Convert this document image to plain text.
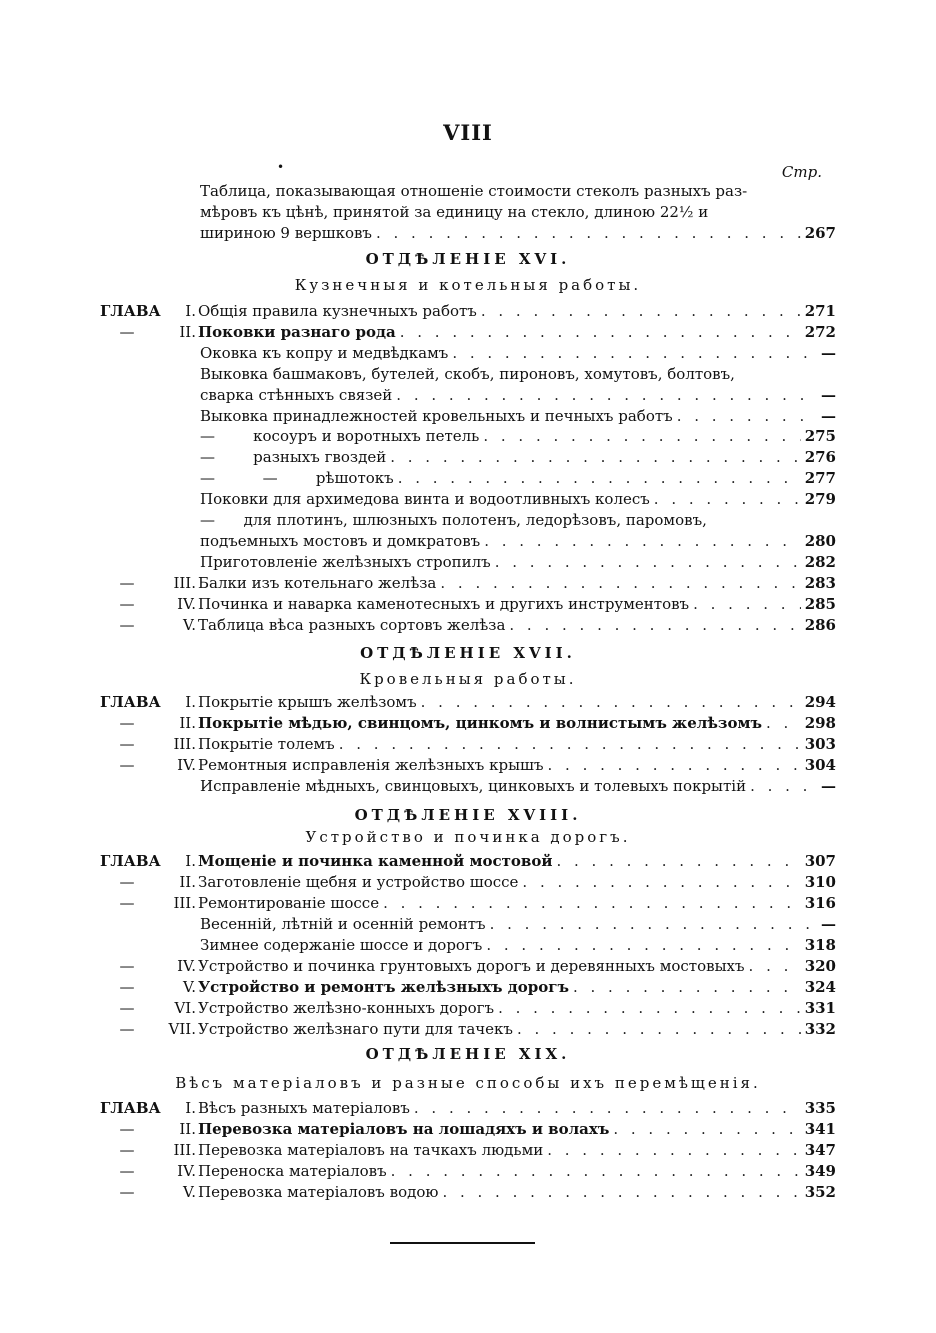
VIII
•	Стр.
Таблица, показывающая отношеніе стоимости стеколъ разныхъ раз-
мѣровъ къ цѣнѣ, принятой за единицу на стекло, длиною 22½ и
шириною 9 вершковъ . . .	267
ОТДѢЛЕНІЕ XVI.
Кузнечныя и котельныя работы.
ГЛАВА	I. Общія правила кузнечныхъ работъ . . .	271
—	II. Поковки разнаго рода . . .	272
Оковка къ копру и медвѣдкамъ . . .	—
Выковка башмаковъ, бутелей, скобъ, пироновъ, хомутовъ, болтовъ,
сварка стѣнныхъ связей . . .	—
Выковка принадлежностей кровельныхъ и печныхъ работъ . . .	—
—        косоуръ и воротныхъ петель . . .	275
—        разныхъ гвоздей . . .	276
—          —        рѣшотокъ . . .	277
Поковки для архимедова винта и водоотливныхъ колесъ . . .	279
—      для плотинъ, шлюзныхъ полотенъ, ледорѣзовъ, паромовъ,
подъемныхъ мостовъ и домкратовъ . . .	280
Приготовленіе желѣзныхъ стропилъ . . .	282
—	III. Балки изъ котельнаго желѣза . . .	283
—	IV. Починка и наварка каменотесныхъ и другихъ инструментовъ . . .	285
—	V. Таблица вѣса разныхъ сортовъ желѣза . . .	286
ОТДѢЛЕНІЕ XVII.
Кровельныя работы.
ГЛАВА	I. Покрытіе крышъ желѣзомъ . . .	294
—	II. Покрытіе мѣдью, свинцомъ, цинкомъ и волнистымъ желѣзомъ . . .	298
—	III. Покрытіе толемъ . . .	303
—	IV. Ремонтныя исправленія желѣзныхъ крышъ . . .	304
Исправленіе мѣдныхъ, свинцовыхъ, цинковыхъ и толевыхъ покрытій . . .	—
ОТДѢЛЕНІЕ XVIII.
Устройство и починка дорогъ.
ГЛАВА	I. Мощеніе и починка каменной мостовой . . .	307
—	II. Заготовленіе щебня и устройство шоссе . . .	310
—	III. Ремонтированіе шоссе . . .	316
Весенній, лѣтній и осенній ремонтъ . . .	—
Зимнее содержаніе шоссе и дорогъ . . .	318
—	IV. Устройство и починка грунтовыхъ дорогъ и деревянныхъ мостовыхъ . . .	320
—	V. Устройство и ремонтъ желѣзныхъ дорогъ . . .	324
—	VI. Устройство желѣзно-конныхъ дорогъ . . .	331
—	VII. Устройство желѣзнаго пути для тачекъ . . .	332
ОТДѢЛЕНІЕ XIX.
Вѣсъ матеріаловъ и разные способы ихъ перемѣщенія.
ГЛАВА	I. Вѣсъ разныхъ матеріаловъ . . .	335
—	II. Перевозка матеріаловъ на лошадяхъ и волахъ . . .	341
—	III. Перевозка матеріаловъ на тачкахъ людьми . . .	347
—	IV. Переноска матеріаловъ . . .	349
—	V. Перевозка матеріаловъ водою . . .	352
